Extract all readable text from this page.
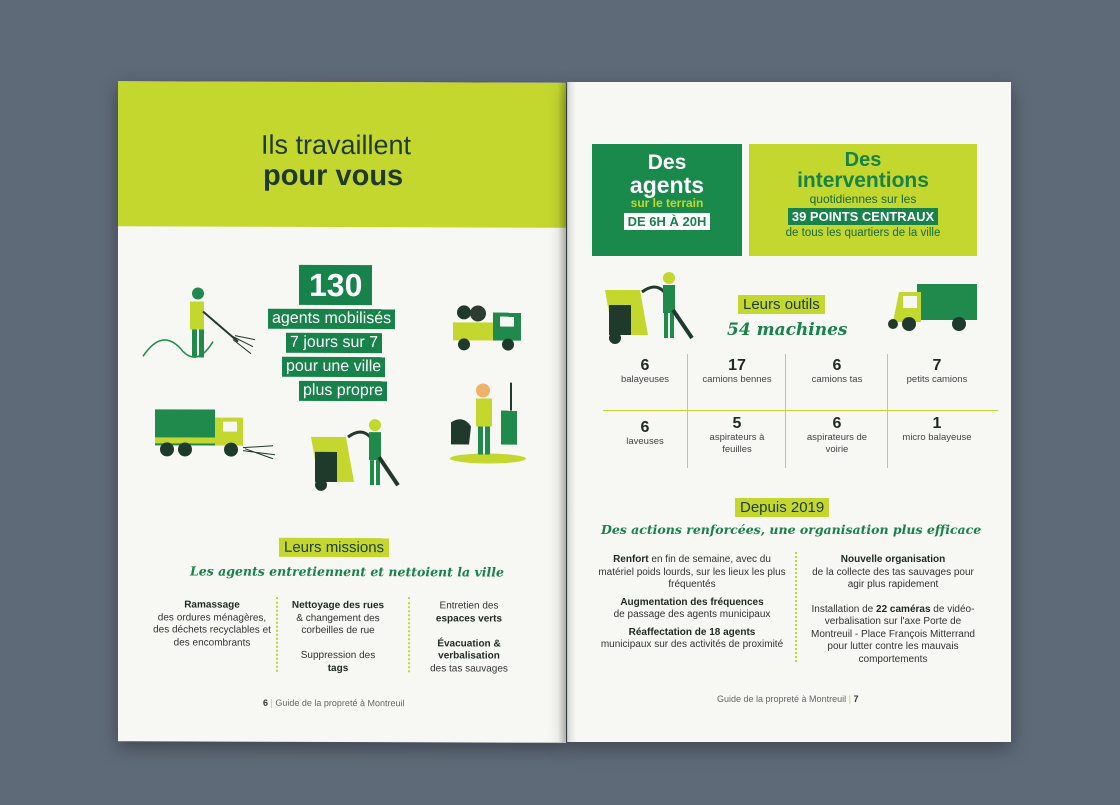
Ils travaillent
pour vous
130
agents mobilisés
7 jours sur 7
pour une ville
plus propre
Leurs missions
Les agents entretiennent et nettoient la ville
Ramassage
des ordures ménagères, des déchets recyclables et des encombrants
Nettoyage des rues
& changement des corbeilles de rue

Suppression des
tags
Entretien des
espaces verts

Évacuation & verbalisation
des tas sauvages
6 | Guide de la propreté à Montreuil
Des
agents
sur le terrain
DE 6H À 20H
Des
interventions
quotidiennes sur les
39 POINTS CENTRAUX
de tous les quartiers de la ville
Leurs outils
54 machines
6
balayeuses
17
camions bennes
6
camions tas
7
petits camions
6
laveuses
5
aspirateurs à feuilles
6
aspirateurs de voirie
1
micro balayeuse
Depuis 2019
Des actions renforcées, une organisation plus efficace
Renfort en fin de semaine, avec du matériel poids lourds, sur les lieux les plus fréquentés
Augmentation des fréquences
de passage des agents municipaux
Réaffectation de 18 agents
municipaux sur des activités de proximité
Nouvelle organisation
de la collecte des tas sauvages pour agir plus rapidement
Installation de 22 caméras de vidéo-verbalisation sur l'axe Porte de Montreuil - Place François Mitterrand pour lutter contre les mauvais comportements
Guide de la propreté à Montreuil | 7
